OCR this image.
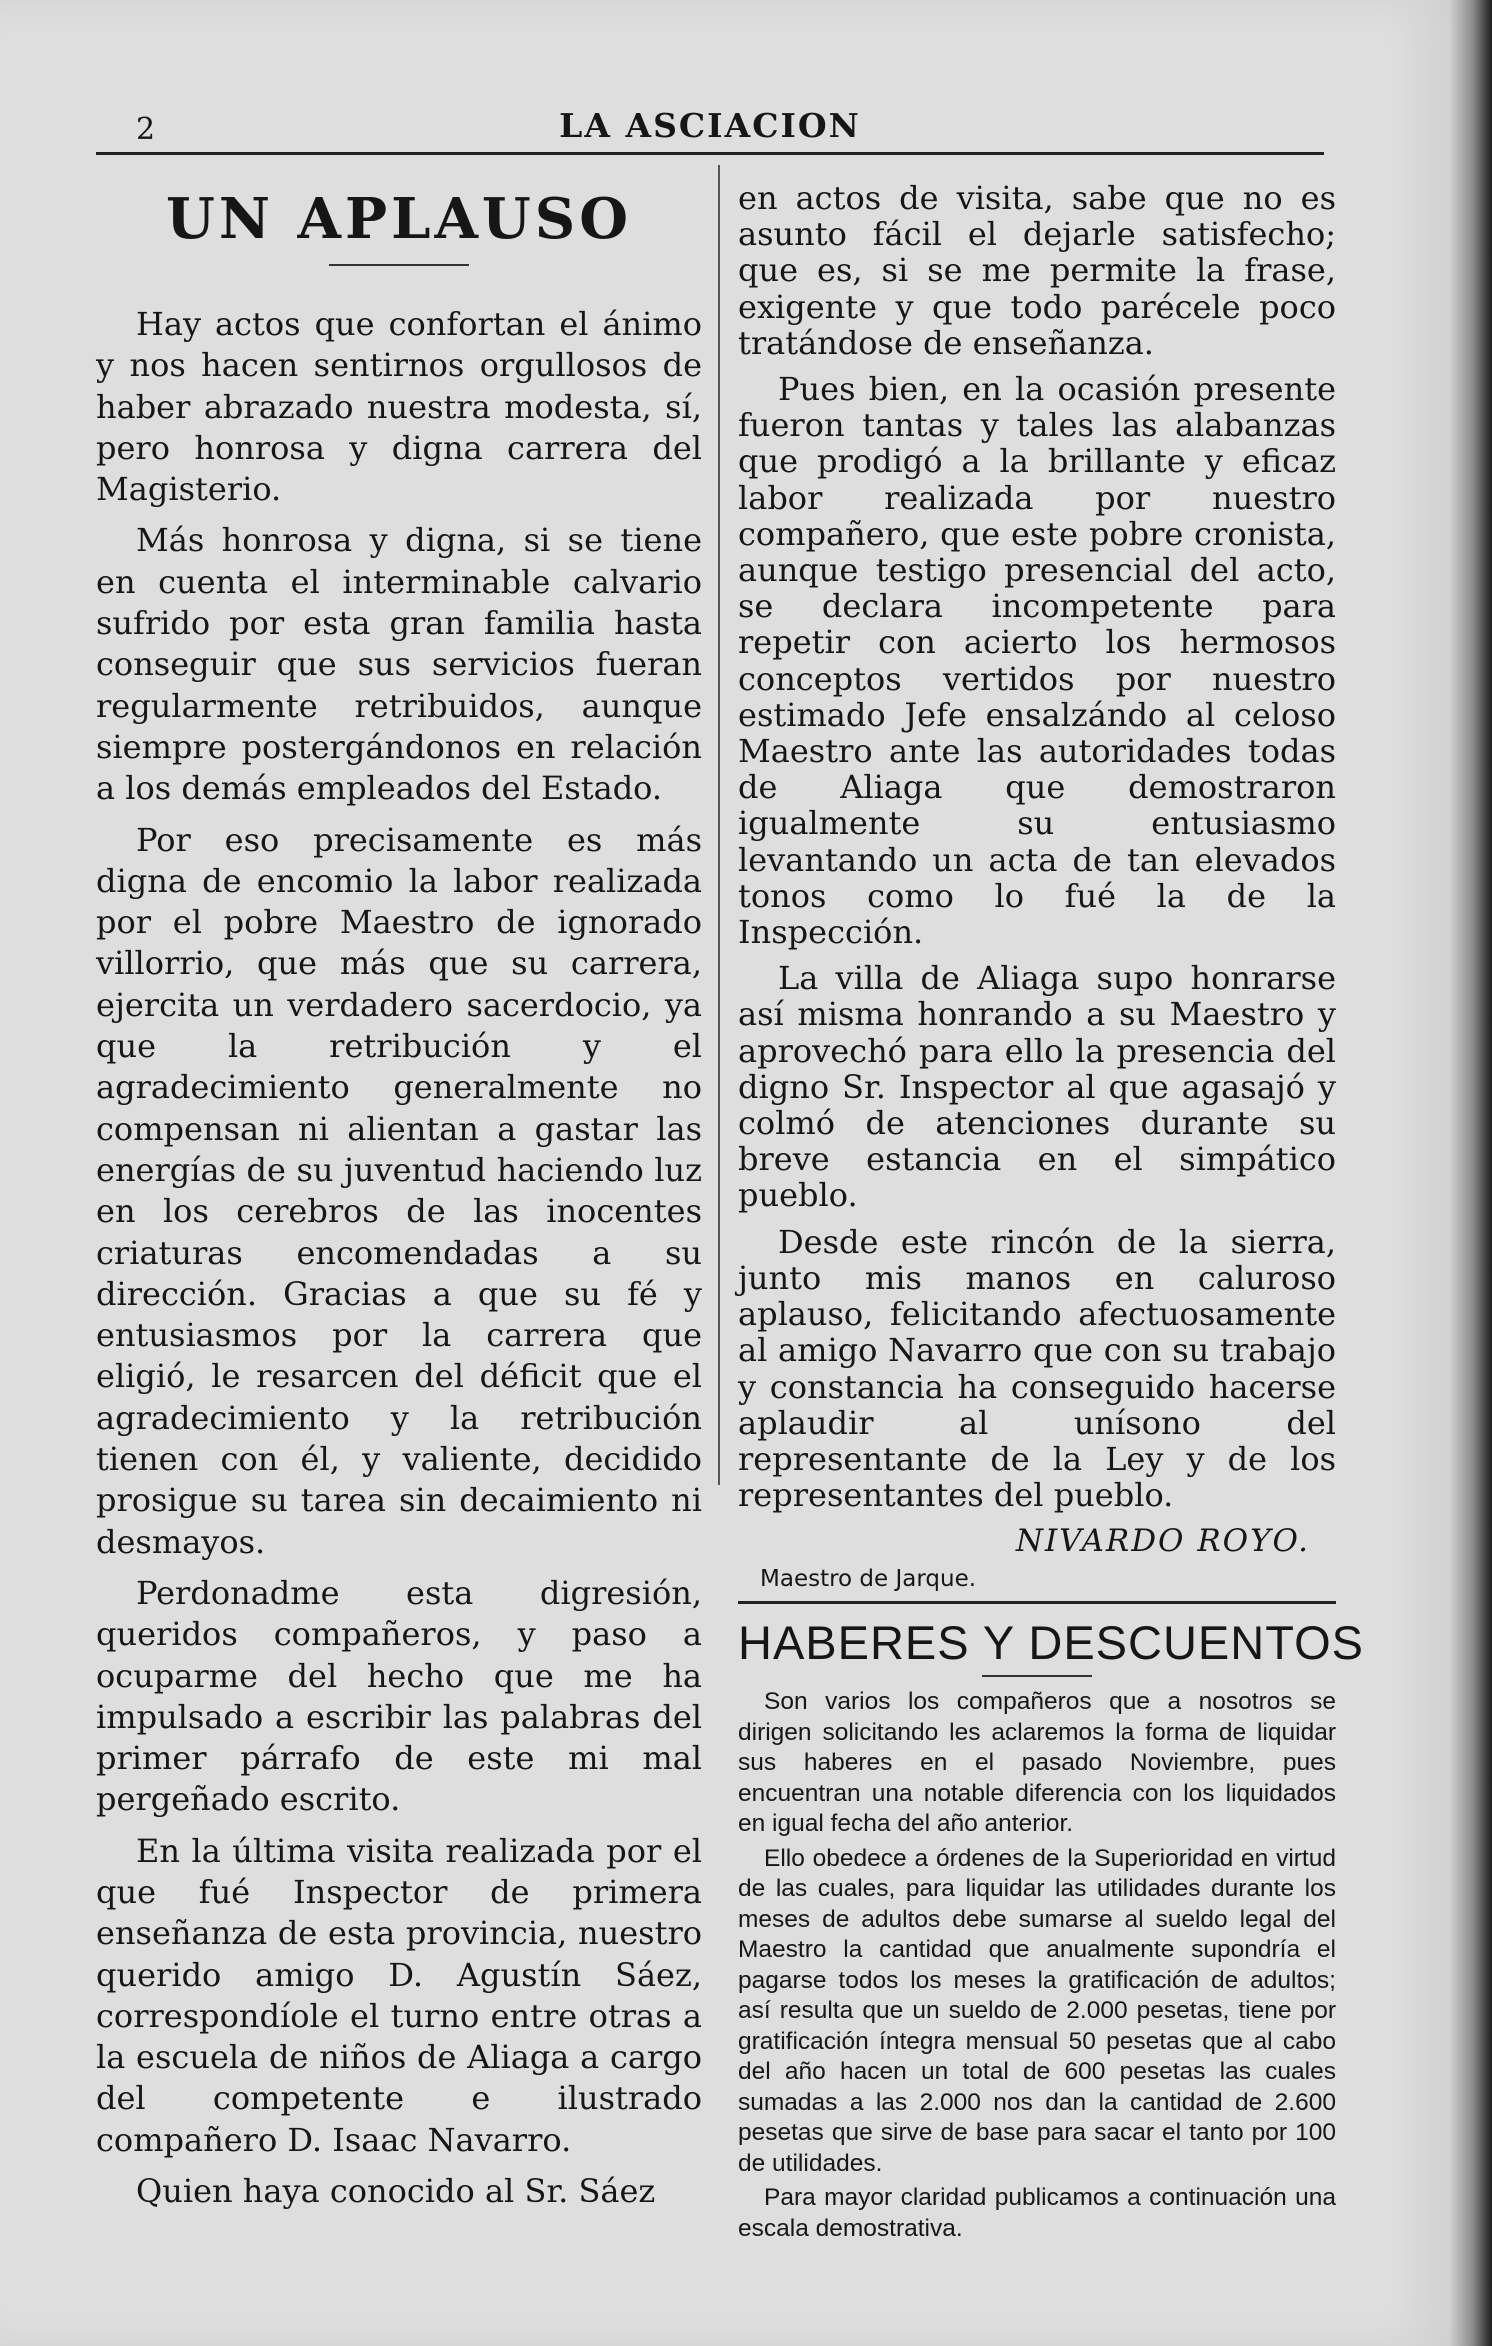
2	LA ASCIACION
UN APLAUSO

Hay actos que confortan el ánimo y nos hacen sentirnos orgullosos de haber abrazado nuestra modesta, sí, pero honrosa y digna carrera del Magisterio.

Más honrosa y digna, si se tiene en cuenta el interminable calvario sufrido por esta gran familia hasta conseguir que sus servicios fueran regularmente retribuidos, aunque siempre postergándonos en relación a los demás empleados del Estado.

Por eso precisamente es más digna de encomio la labor realizada por el pobre Maestro de ignorado villorrio, que más que su carrera, ejercita un verdadero sacerdocio, ya que la retribución y el agradecimiento generalmente no compensan ni alientan a gastar las energías de su juventud haciendo luz en los cerebros de las inocentes criaturas encomendadas a su dirección. Gracias a que su fé y entusiasmos por la carrera que eligió, le resarcen del déficit que el agradecimiento y la retribución tienen con él, y valiente, decidido prosigue su tarea sin decaimiento ni desmayos.

Perdonadme esta digresión, queridos compañeros, y paso a ocuparme del hecho que me ha impulsado a escribir las palabras del primer párrafo de este mi mal pergeñado escrito.

En la última visita realizada por el que fué Inspector de primera enseñanza de esta provincia, nuestro querido amigo D. Agustín Sáez, correspondíole el turno entre otras a la escuela de niños de Aliaga a cargo del competente e ilustrado compañero D. Isaac Navarro.

Quien haya conocido al Sr. Sáez

en actos de visita, sabe que no es asunto fácil el dejarle satisfecho; que es, si se me permite la frase, exigente y que todo parécele poco tratándose de enseñanza.

Pues bien, en la ocasión presente fueron tantas y tales las alabanzas que prodigó a la brillante y eficaz labor realizada por nuestro compañero, que este pobre cronista, aunque testigo presencial del acto, se declara incompetente para repetir con acierto los hermosos conceptos vertidos por nuestro estimado Jefe ensalzándo al celoso Maestro ante las autoridades todas de Aliaga que demostraron igualmente su entusiasmo levantando un acta de tan elevados tonos como lo fué la de la Inspección.

La villa de Aliaga supo honrarse así misma honrando a su Maestro y aprovechó para ello la presencia del digno Sr. Inspector al que agasajó y colmó de atenciones durante su breve estancia en el simpático pueblo.

Desde este rincón de la sierra, junto mis manos en caluroso aplauso, felicitando afectuosamente al amigo Navarro que con su trabajo y constancia ha conseguido hacerse aplaudir al unísono del representante de la Ley y de los representantes del pueblo.

NIVARDO ROYO.
Maestro de Jarque.
HABERES Y DESCUENTOS

Son varios los compañeros que a nosotros se dirigen solicitando les aclaremos la forma de liquidar sus haberes en el pasado Noviembre, pues encuentran una notable diferencia con los liquidados en igual fecha del año anterior.

Ello obedece a órdenes de la Superioridad en virtud de las cuales, para liquidar las utilidades durante los meses de adultos debe sumarse al sueldo legal del Maestro la cantidad que anualmente supondría el pagarse todos los meses la gratificación de adultos; así resulta que un sueldo de 2.000 pesetas, tiene por gratificación íntegra mensual 50 pesetas que al cabo del año hacen un total de 600 pesetas las cuales sumadas a las 2.000 nos dan la cantidad de 2.600 pesetas que sirve de base para sacar el tanto por 100 de utilidades.

Para mayor claridad publicamos a continuación una escala demostrativa.
